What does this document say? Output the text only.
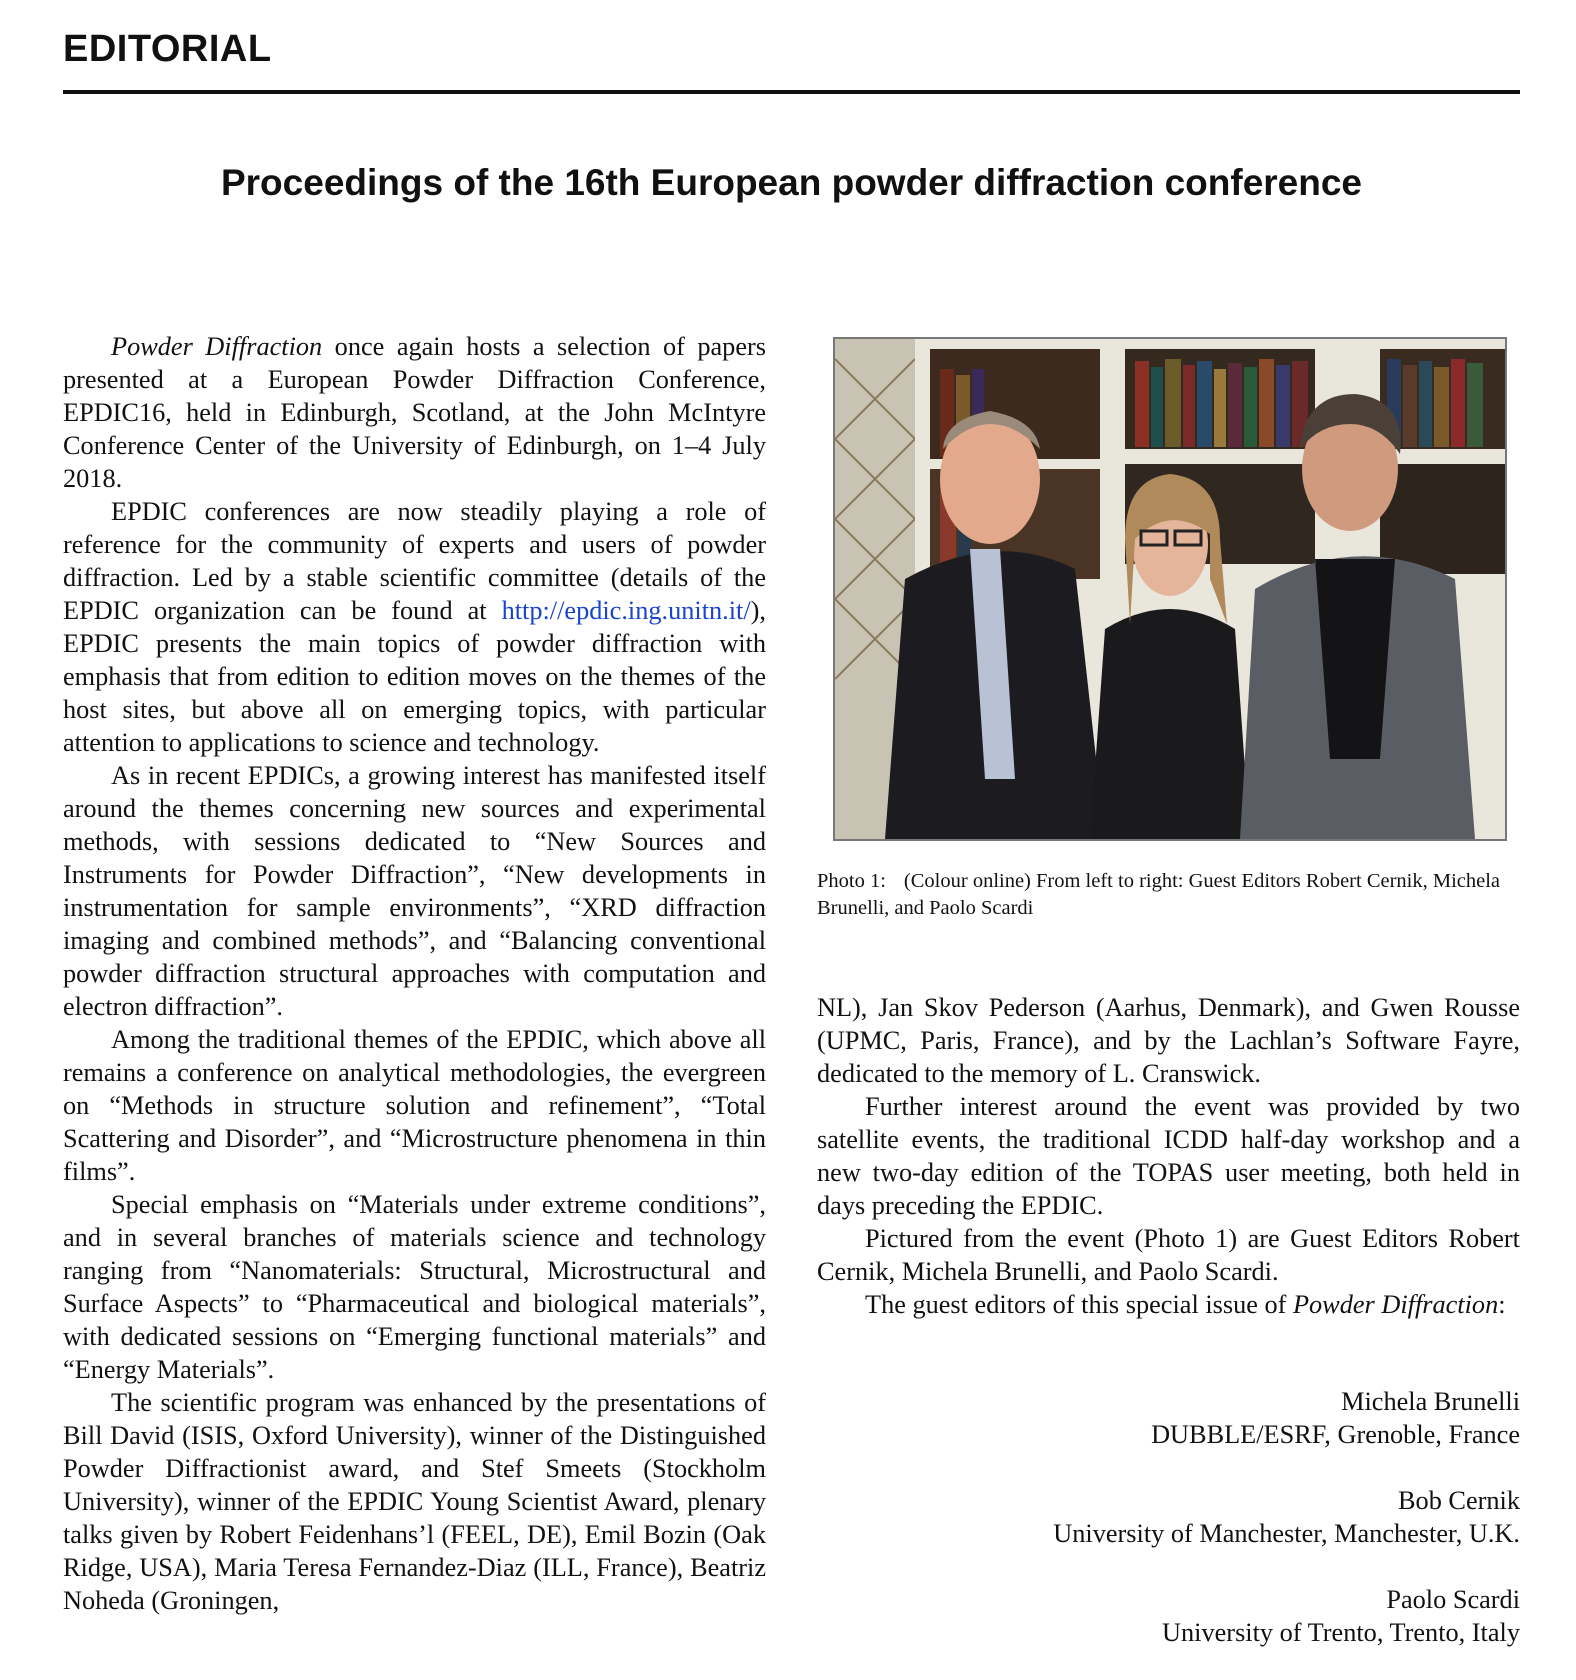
EDITORIAL
Proceedings of the 16th European powder diffraction conference

Powder Diffraction once again hosts a selection of papers presented at a European Powder Diffraction Conference, EPDIC16, held in Edinburgh, Scotland, at the John McIntyre Conference Center of the University of Edinburgh, on 1–4 July 2018.

EPDIC conferences are now steadily playing a role of reference for the community of experts and users of powder diffraction. Led by a stable scientific committee (details of the EPDIC organization can be found at http://epdic.ing.unitn.it/), EPDIC presents the main topics of powder diffraction with emphasis that from edition to edition moves on the themes of the host sites, but above all on emerging topics, with particular attention to applications to science and technology.

As in recent EPDICs, a growing interest has manifested itself around the themes concerning new sources and experimental methods, with sessions dedicated to “New Sources and Instruments for Powder Diffraction”, “New developments in instrumentation for sample environments”, “XRD diffraction imaging and combined methods”, and “Balancing conventional powder diffraction structural approaches with computation and electron diffraction”.

Among the traditional themes of the EPDIC, which above all remains a conference on analytical methodologies, the evergreen on “Methods in structure solution and refinement”, “Total Scattering and Disorder”, and “Microstructure phenomena in thin films”.

Special emphasis on “Materials under extreme conditions”, and in several branches of materials science and technology ranging from “Nanomaterials: Structural, Microstructural and Surface Aspects” to “Pharmaceutical and biological materials”, with dedicated sessions on “Emerging functional materials” and “Energy Materials”.

The scientific program was enhanced by the presentations of Bill David (ISIS, Oxford University), winner of the Distinguished Powder Diffractionist award, and Stef Smeets (Stockholm University), winner of the EPDIC Young Scientist Award, plenary talks given by Robert Feidenhans’l (FEEL, DE), Emil Bozin (Oak Ridge, USA), Maria Teresa Fernandez-Diaz (ILL, France), Beatriz Noheda (Groningen,

Photo 1: (Colour online) From left to right: Guest Editors Robert Cernik, Michela Brunelli, and Paolo Scardi

NL), Jan Skov Pederson (Aarhus, Denmark), and Gwen Rousse (UPMC, Paris, France), and by the Lachlan’s Software Fayre, dedicated to the memory of L. Cranswick.

Further interest around the event was provided by two satellite events, the traditional ICDD half-day workshop and a new two-day edition of the TOPAS user meeting, both held in days preceding the EPDIC.

Pictured from the event (Photo 1) are Guest Editors Robert Cernik, Michela Brunelli, and Paolo Scardi.

The guest editors of this special issue of Powder Diffraction:

Michela Brunelli
DUBBLE/ESRF, Grenoble, France
Bob Cernik
University of Manchester, Manchester, U.K.
Paolo Scardi
University of Trento, Trento, Italy
